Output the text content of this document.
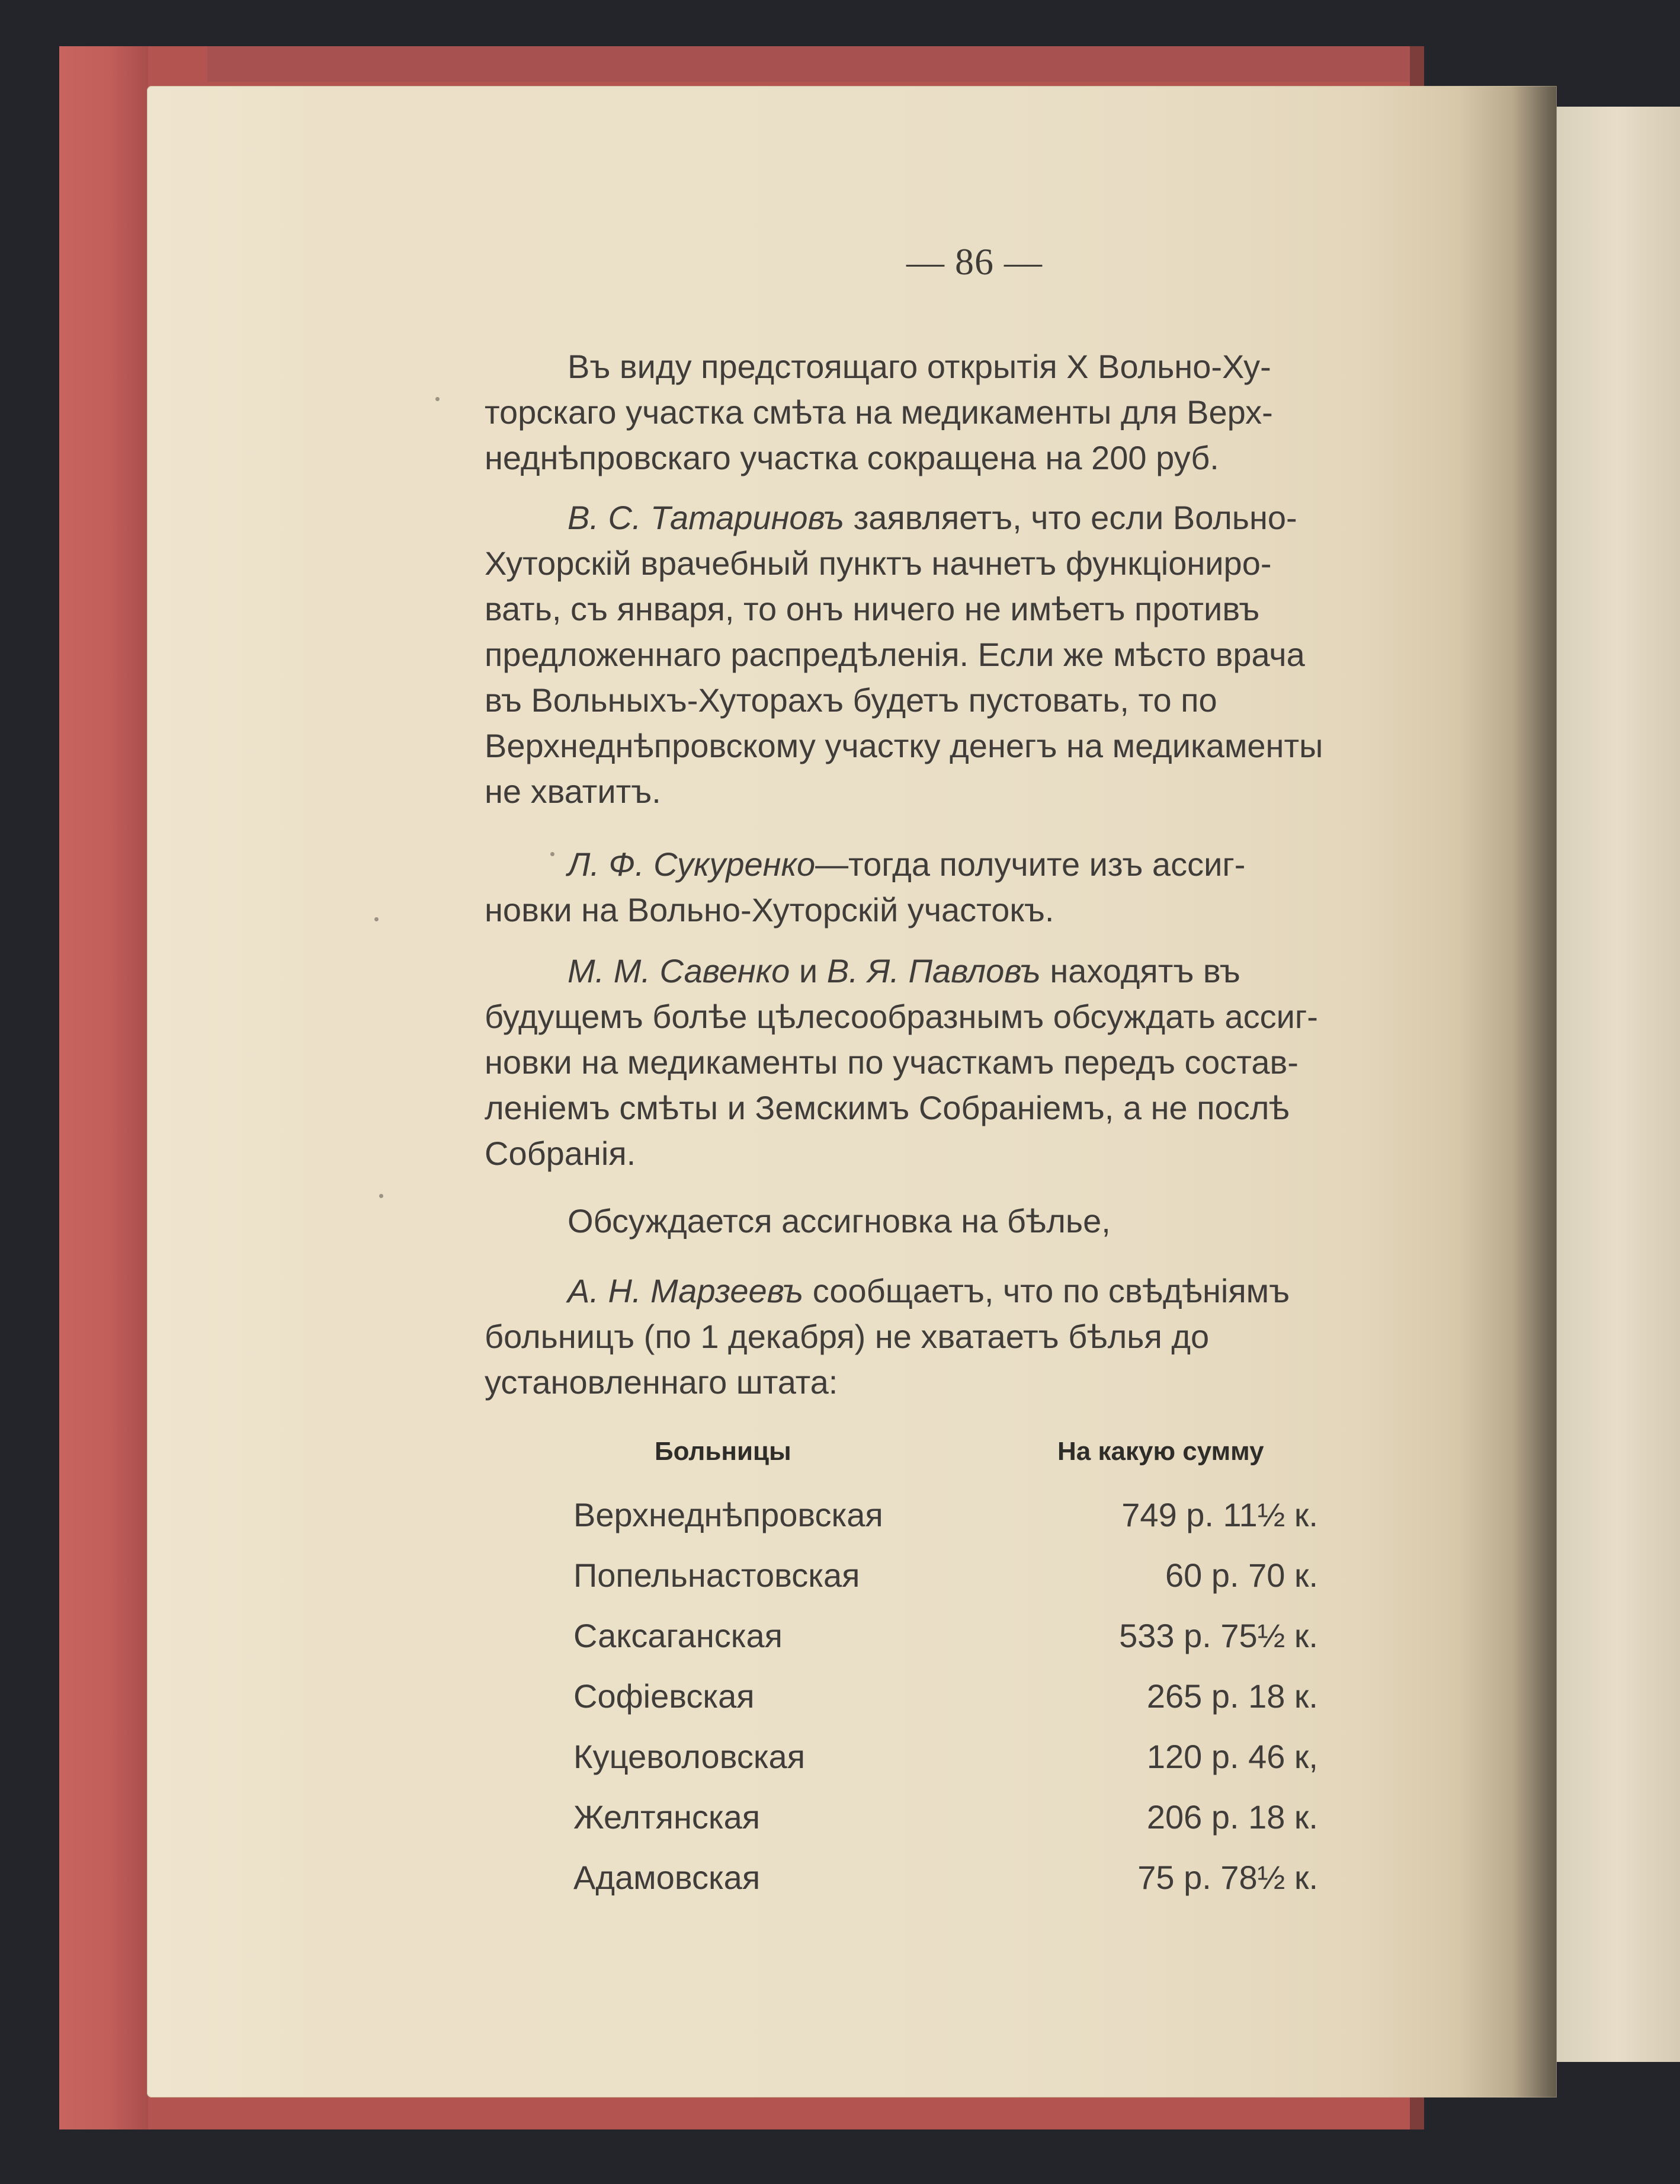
— 86 —
Въ виду предстоящаго открытія X Вольно-Ху-
торскаго участка смѣта на медикаменты для Верх-
неднѣпровскаго участка сокращена на 200 руб.
В. С. Татариновъ заявляетъ, что если Вольно-
Хуторскій врачебный пунктъ начнетъ функціониро-
вать, съ января, то онъ ничего не имѣетъ противъ
предложеннаго распредѣленія. Если же мѣсто врача
въ Вольныхъ-Хуторахъ будетъ пустовать, то по
Верхнеднѣпровскому участку денегъ на медикаменты
не хватитъ.
Л. Ф. Сукуренко—тогда получите изъ ассиг-
новки на Вольно-Хуторскій участокъ.
М. М. Савенко и В. Я. Павловъ находятъ въ
будущемъ болѣе цѣлесообразнымъ обсуждать ассиг-
новки на медикаменты по участкамъ передъ состав-
леніемъ смѣты и Земскимъ Собраніемъ, а не послѣ
Собранія.
Обсуждается ассигновка на бѣлье,
А. Н. Марзеевъ сообщаетъ, что по свѣдѣніямъ
больницъ (по 1 декабря) не хватаетъ бѣлья до
установленнаго штата:
Больницы	На какую сумму
Верхнеднѣпровская	749 р. 11½ к.
Попельнастовская	60 р. 70 к.
Саксаганская	533 р. 75½ к.
Софіевская	265 р. 18 к.
Куцеволовская	120 р. 46 к,
Желтянская	206 р. 18 к.
Адамовская	75 р. 78½ к.
